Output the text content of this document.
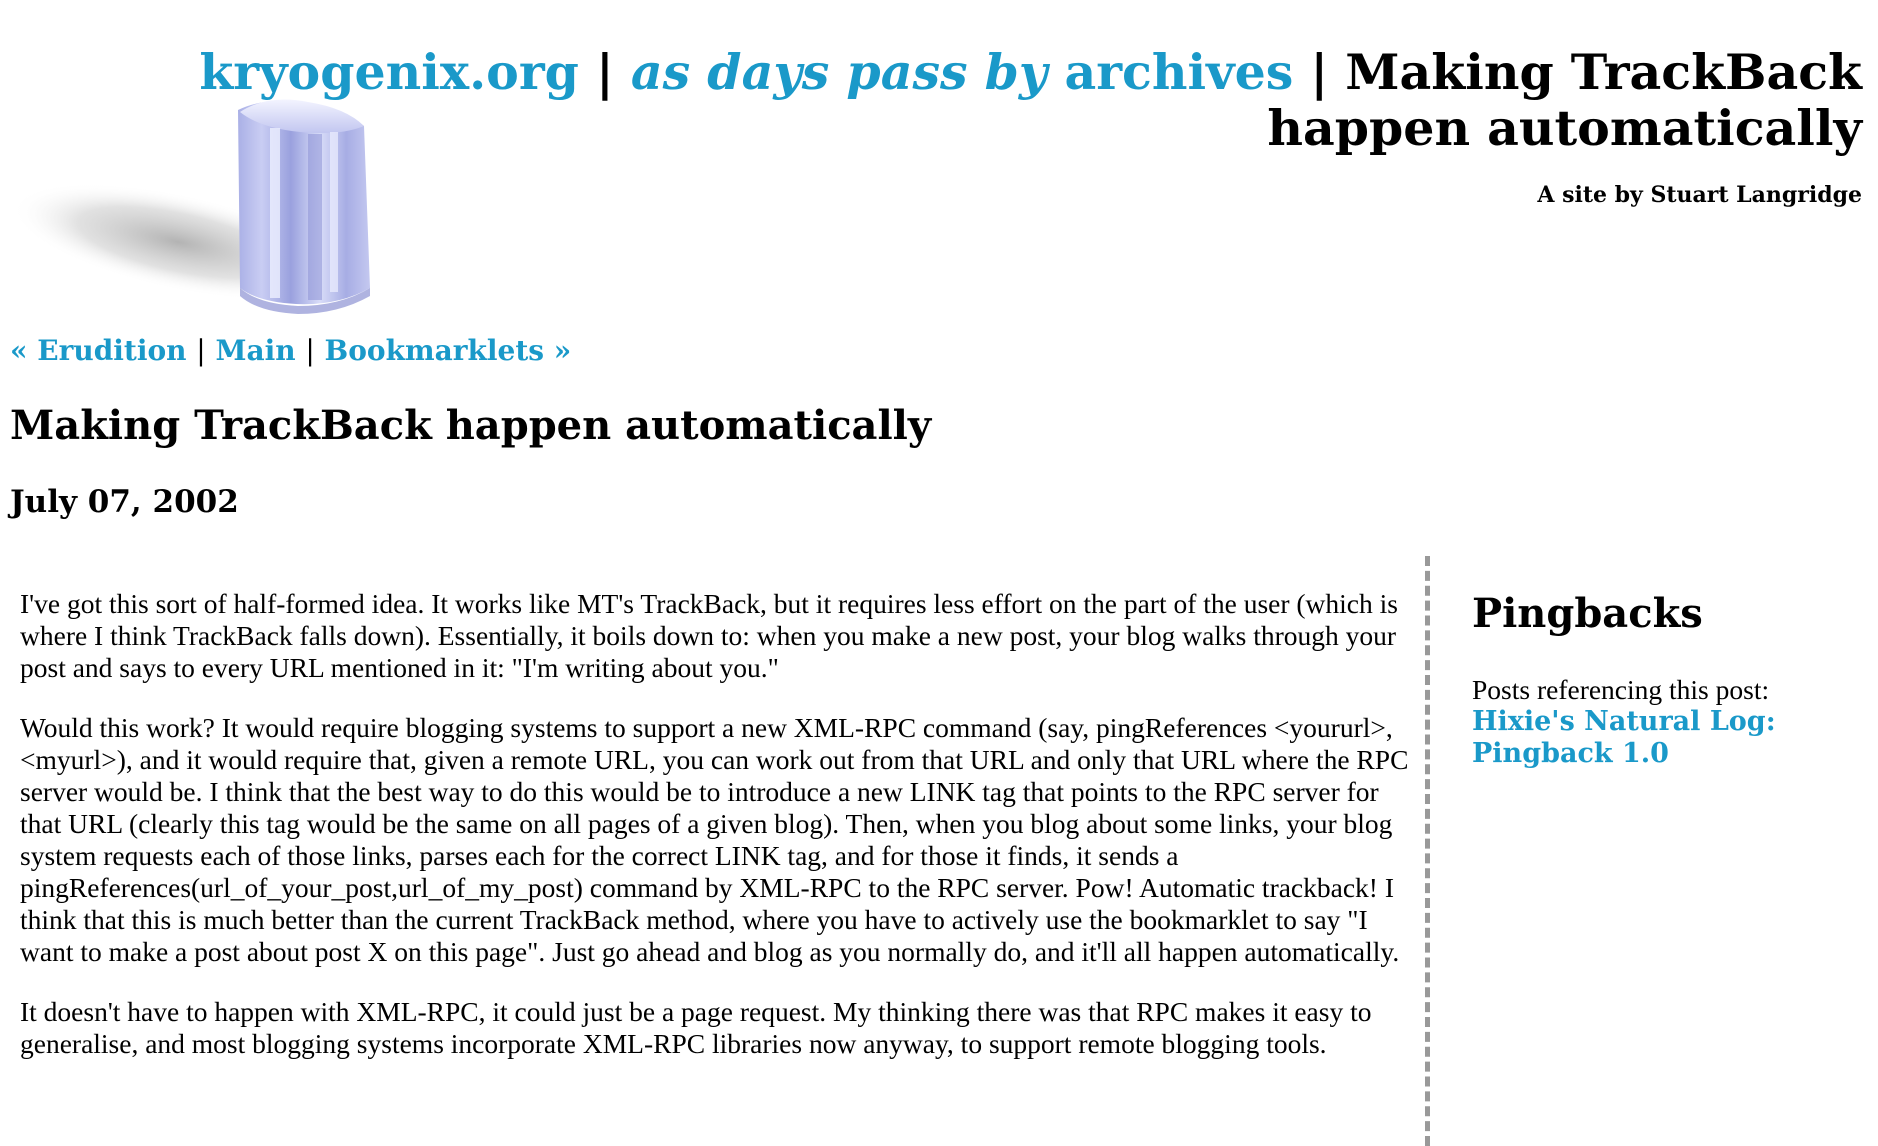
kryogenix.org | as days pass by archives | Making TrackBack happen automatically

A site by Stuart Langridge

« Erudition | Main | Bookmarklets »
Making TrackBack happen automatically
July 07, 2002

I've got this sort of half-formed idea. It works like MT's TrackBack, but it requires less effort on the part of the user (which is where I think TrackBack falls down). Essentially, it boils down to: when you make a new post, your blog walks through your post and says to every URL mentioned in it: "I'm writing about you."

Would this work? It would require blogging systems to support a new XML-RPC command (say, pingReferences <yoururl>,<myurl>), and it would require that, given a remote URL, you can work out from that URL and only that URL where the RPC server would be. I think that the best way to do this would be to introduce a new LINK tag that points to the RPC server for that URL (clearly this tag would be the same on all pages of a given blog). Then, when you blog about some links, your blog system requests each of those links, parses each for the correct LINK tag, and for those it finds, it sends a pingReferences(url_of_your_post,url_of_my_post) command by XML-RPC to the RPC server. Pow! Automatic trackback! I think that this is much better than the current TrackBack method, where you have to actively use the bookmarklet to say "I want to make a post about post X on this page". Just go ahead and blog as you normally do, and it'll all happen automatically.

It doesn't have to happen with XML-RPC, it could just be a page request. My thinking there was that RPC makes it easy to generalise, and most blogging systems incorporate XML-RPC libraries now anyway, to support remote blogging tools.

Pingbacks
Posts referencing this post:
Hixie's Natural Log:
Pingback 1.0
